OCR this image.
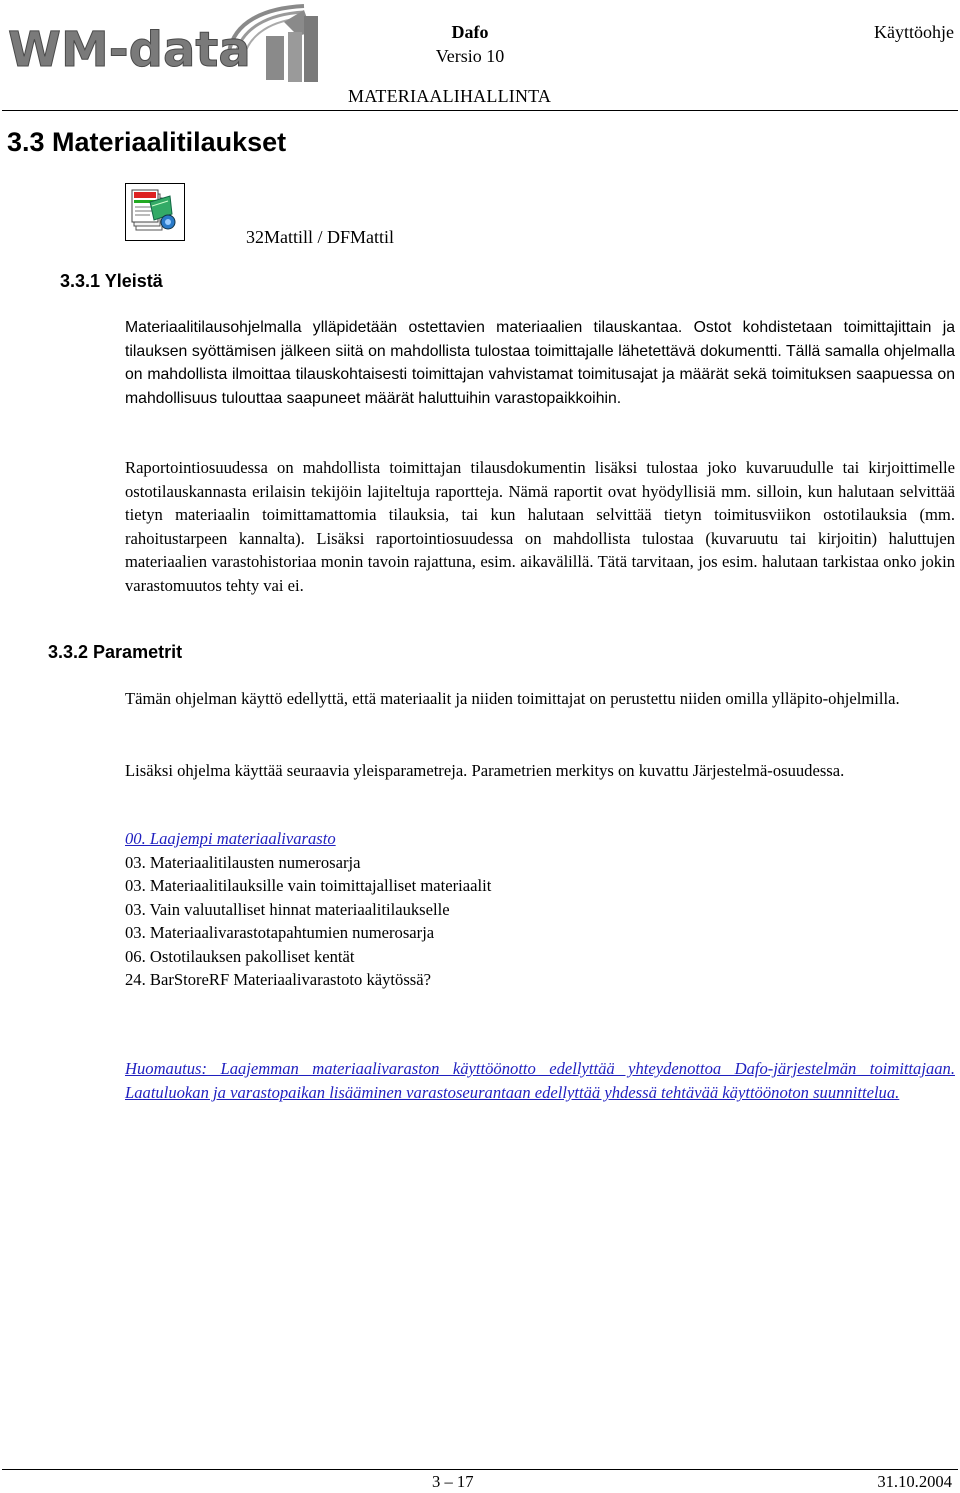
WM-data	Dafo
Versio 10
Käyttöohje
MATERIAALIHALLINTA
3.3 Materiaalitilaukset
32Mattill / DFMattil
3.3.1 Yleistä

Materiaalitilausohjelmalla ylläpidetään ostettavien materiaalien tilauskantaa. Ostot kohdistetaan toimittajittain ja tilauksen syöttämisen jälkeen siitä on mahdollista tulostaa toimittajalle lähetettävä dokumentti. Tällä samalla ohjelmalla on mahdollista ilmoittaa tilauskohtaisesti toimittajan vahvistamat toimitusajat ja määrät sekä toimituksen saapuessa on mahdollisuus tulouttaa saapuneet määrät haluttuihin varastopaikkoihin.

Raportointiosuudessa on mahdollista toimittajan tilausdokumentin lisäksi tulostaa joko kuvaruudulle tai kirjoittimelle ostotilauskannasta erilaisin tekijöin lajiteltuja raportteja. Nämä raportit ovat hyödyllisiä mm. silloin, kun halutaan selvittää tietyn materiaalin toimittamattomia tilauksia, tai kun halutaan selvittää tietyn toimitusviikon ostotilauksia (mm. rahoitustarpeen kannalta). Lisäksi raportointiosuudessa on mahdollista tulostaa (kuvaruutu tai kirjoitin) haluttujen materiaalien varastohistoriaa monin tavoin rajattuna, esim. aikavälillä. Tätä tarvitaan, jos esim. halutaan tarkistaa onko jokin varastomuutos tehty vai ei.

3.3.2 Parametrit

Tämän ohjelman käyttö edellyttä, että materiaalit ja niiden toimittajat on perustettu niiden omilla ylläpito-ohjelmilla.

Lisäksi ohjelma käyttää seuraavia yleisparametreja. Parametrien merkitys on kuvattu Järjestelmä-osuudessa.

00. Laajempi materiaalivarasto
03. Materiaalitilausten numerosarja
03. Materiaalitilauksille vain toimittajalliset materiaalit
03. Vain valuutalliset hinnat materiaalitilaukselle
03. Materiaalivarastotapahtumien numerosarja
06. Ostotilauksen pakolliset kentät
24. BarStoreRF Materiaalivarastoto käytössä?

Huomautus: Laajemman materiaalivaraston käyttöönotto edellyttää yhteydenottoa Dafo-järjestelmän toimittajaan. Laatuluokan ja varastopaikan lisääminen varastoseurantaan edellyttää yhdessä tehtävää käyttöönoton suunnittelua.

3 – 17	31.10.2004
